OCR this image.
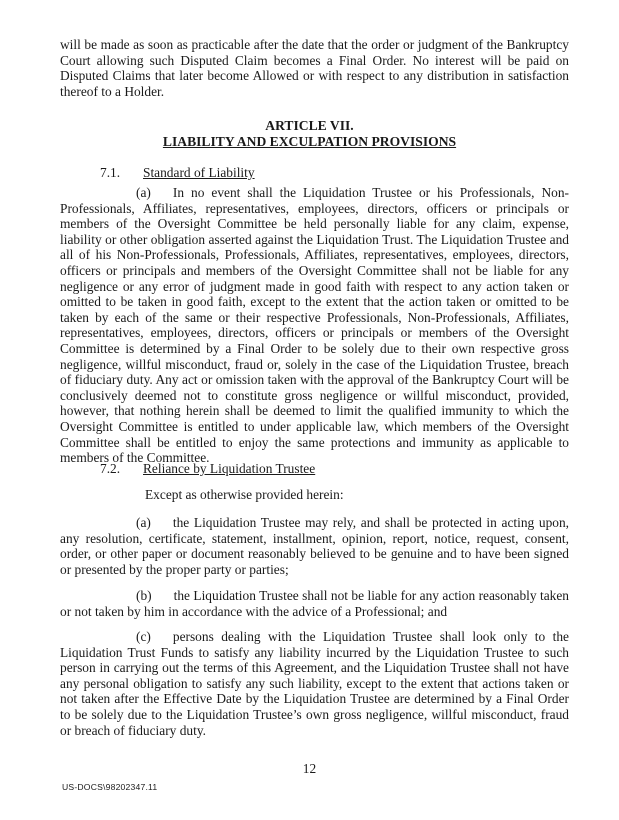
will be made as soon as practicable after the date that the order or judgment of the Bankruptcy Court allowing such Disputed Claim becomes a Final Order. No interest will be paid on Disputed Claims that later become Allowed or with respect to any distribution in satisfaction thereof to a Holder.

ARTICLE VII.

LIABILITY AND EXCULPATION PROVISIONS

7.1. Standard of Liability

(a) In no event shall the Liquidation Trustee or his Professionals, Non-Professionals, Affiliates, representatives, employees, directors, officers or principals or members of the Oversight Committee be held personally liable for any claim, expense, liability or other obligation asserted against the Liquidation Trust. The Liquidation Trustee and all of his Non-Professionals, Professionals, Affiliates, representatives, employees, directors, officers or principals and members of the Oversight Committee shall not be liable for any negligence or any error of judgment made in good faith with respect to any action taken or omitted to be taken in good faith, except to the extent that the action taken or omitted to be taken by each of the same or their respective Professionals, Non-Professionals, Affiliates, representatives, employees, directors, officers or principals or members of the Oversight Committee is determined by a Final Order to be solely due to their own respective gross negligence, willful misconduct, fraud or, solely in the case of the Liquidation Trustee, breach of fiduciary duty. Any act or omission taken with the approval of the Bankruptcy Court will be conclusively deemed not to constitute gross negligence or willful misconduct, provided, however, that nothing herein shall be deemed to limit the qualified immunity to which the Oversight Committee is entitled to under applicable law, which members of the Oversight Committee shall be entitled to enjoy the same protections and immunity as applicable to members of the Committee.

7.2. Reliance by Liquidation Trustee
Except as otherwise provided herein:

(a) the Liquidation Trustee may rely, and shall be protected in acting upon, any resolution, certificate, statement, installment, opinion, report, notice, request, consent, order, or other paper or document reasonably believed to be genuine and to have been signed or presented by the proper party or parties;

(b) the Liquidation Trustee shall not be liable for any action reasonably taken or not taken by him in accordance with the advice of a Professional; and

(c) persons dealing with the Liquidation Trustee shall look only to the Liquidation Trust Funds to satisfy any liability incurred by the Liquidation Trustee to such person in carrying out the terms of this Agreement, and the Liquidation Trustee shall not have any personal obligation to satisfy any such liability, except to the extent that actions taken or not taken after the Effective Date by the Liquidation Trustee are determined by a Final Order to be solely due to the Liquidation Trustee’s own gross negligence, willful misconduct, fraud or breach of fiduciary duty.

12
US-DOCS\98202347.11
